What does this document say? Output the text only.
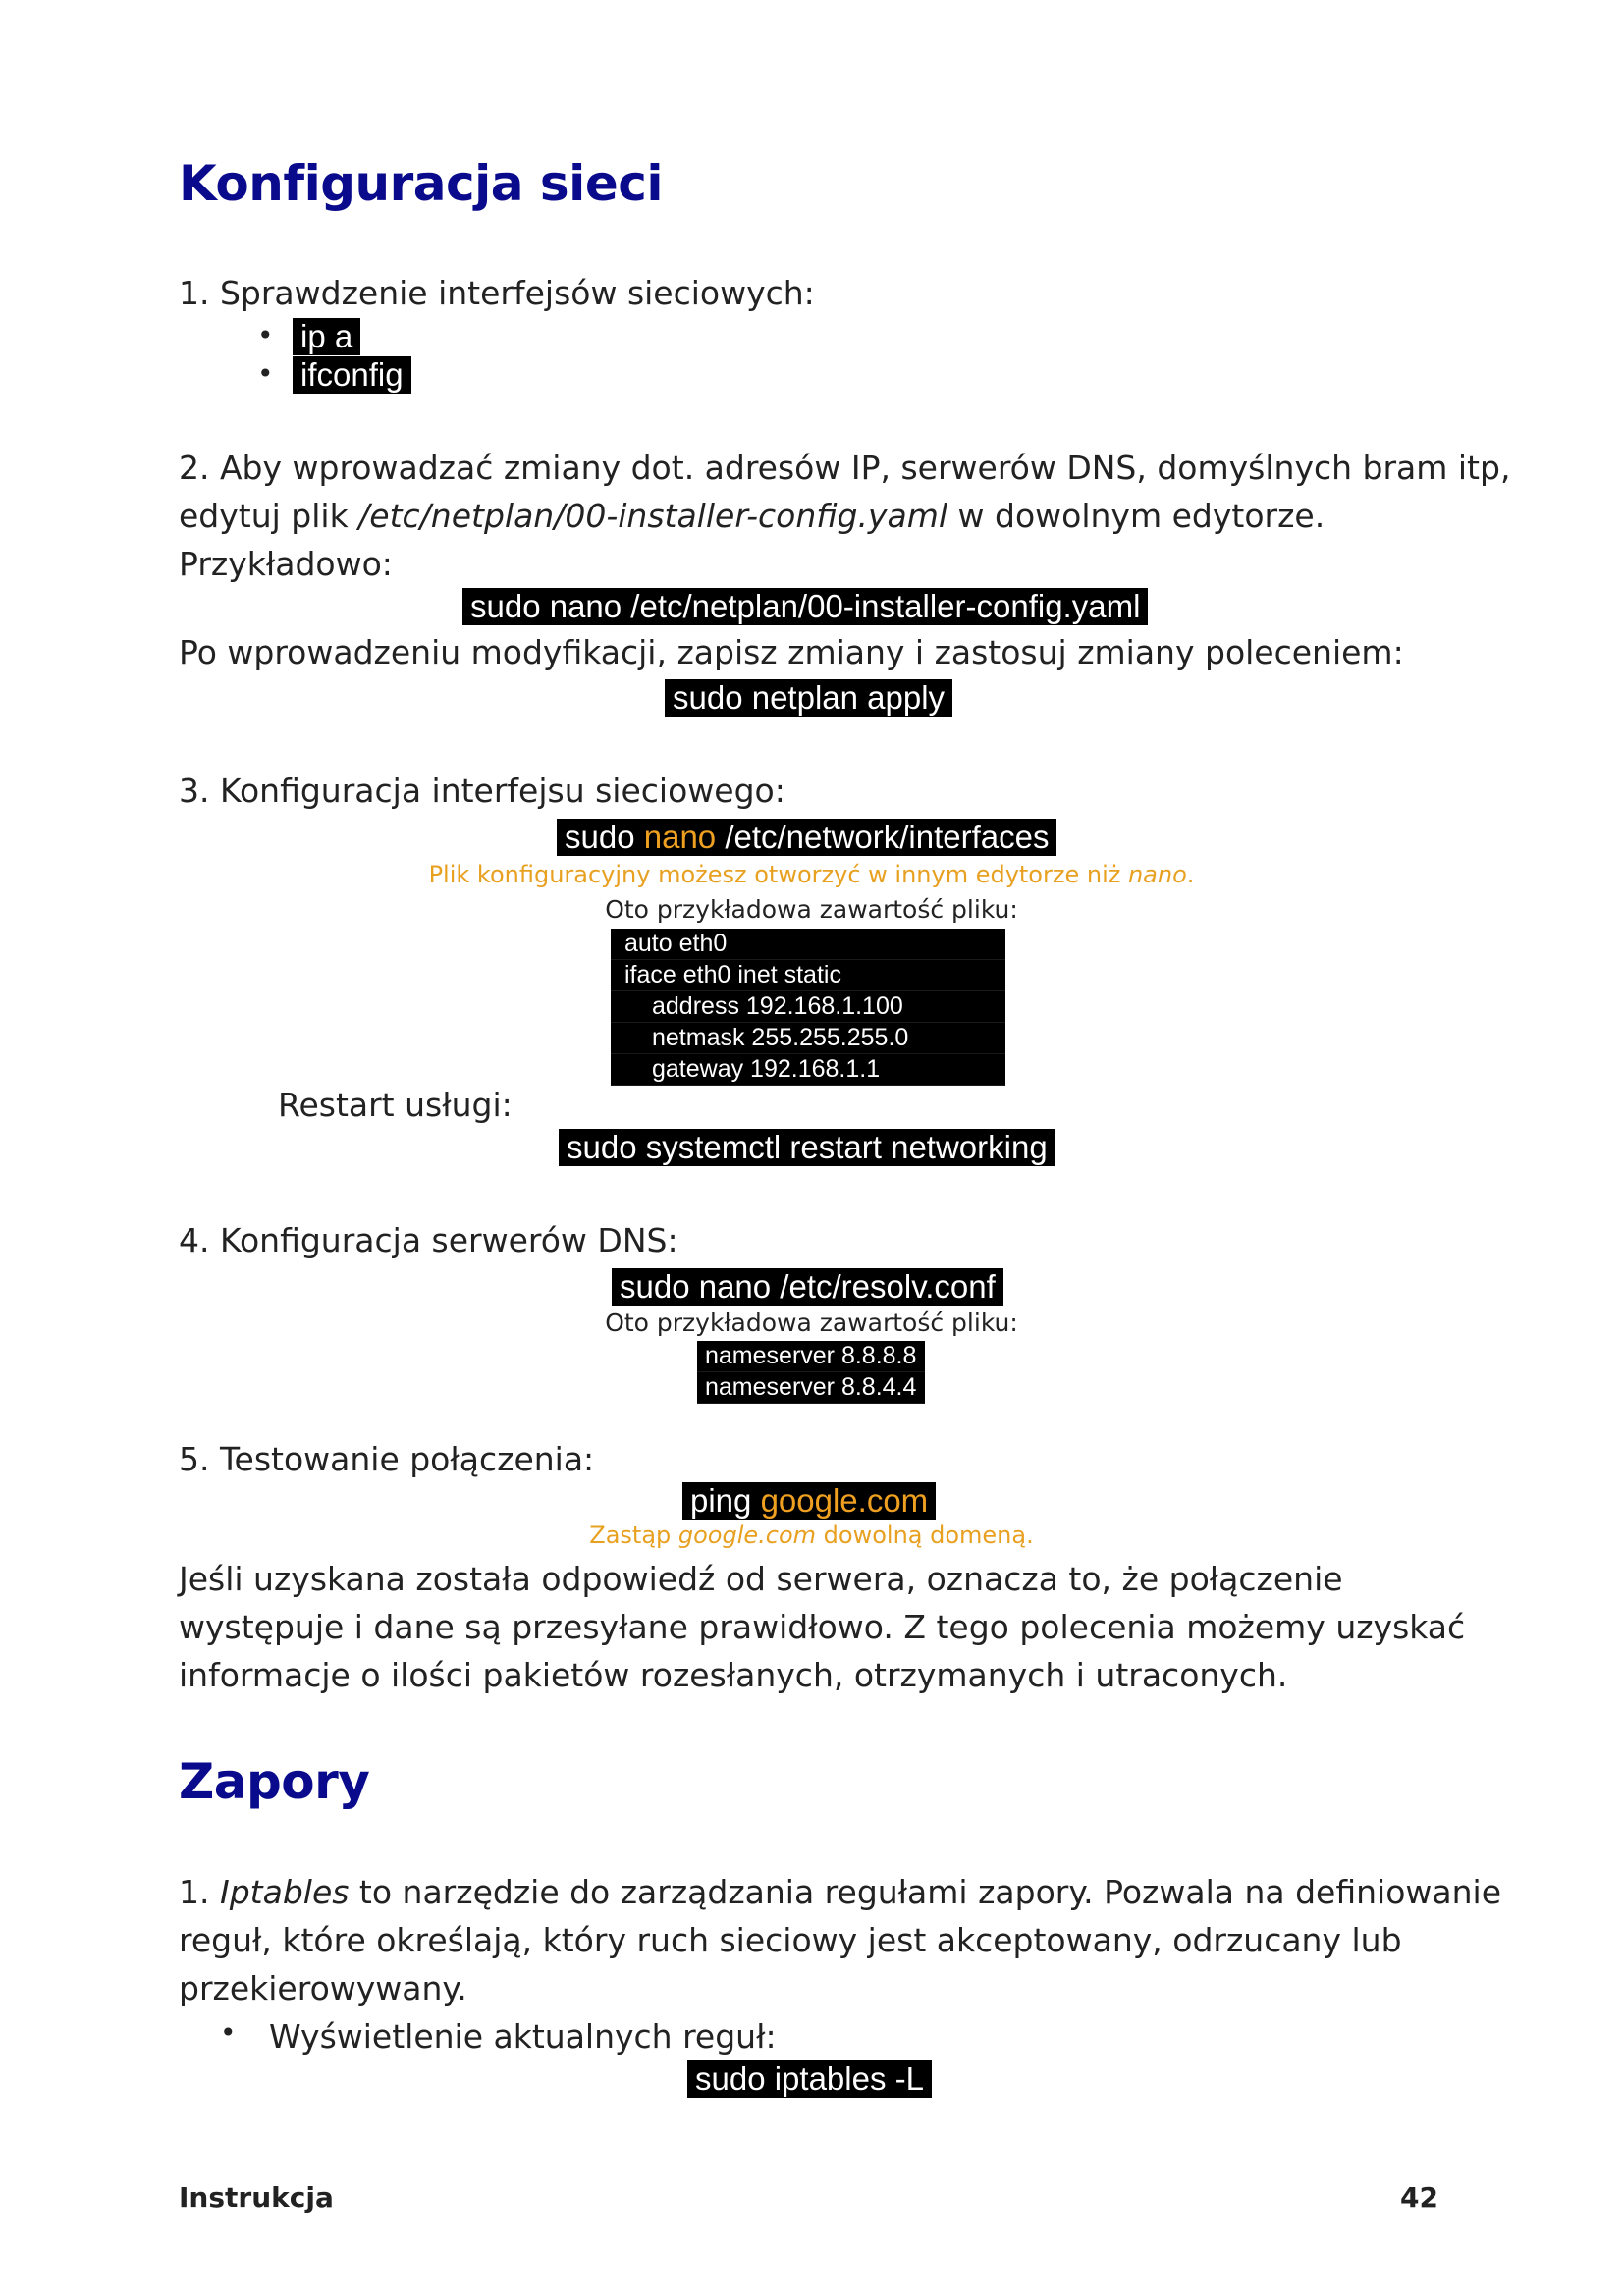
Konfiguracja sieci

1. Sprawdzenie interfejsów sieciowych:

• ip a
• ifconfig

2. Aby wprowadzać zmiany dot. adresów IP, serwerów DNS, domyślnych bram itp,

edytuj plik /etc/netplan/00-installer-config.yaml w dowolnym edytorze.

Przykładowo:

sudo nano /etc/netplan/00-installer-config.yaml

Po wprowadzeniu modyfikacji, zapisz zmiany i zastosuj zmiany poleceniem:

sudo netplan apply

3. Konfiguracja interfejsu sieciowego:

sudo nano /etc/network/interfaces
Plik konfiguracyjny możesz otworzyć w innym edytorze niż nano.
Oto przykładowa zawartość pliku:
auto eth0
iface eth0 inet static
address 192.168.1.100
netmask 255.255.255.0
gateway 192.168.1.1

Restart usługi:

sudo systemctl restart networking

4. Konfiguracja serwerów DNS:

sudo nano /etc/resolv.conf
Oto przykładowa zawartość pliku:
nameserver 8.8.8.8
nameserver 8.8.4.4

5. Testowanie połączenia:

ping google.com
Zastąp google.com dowolną domeną.

Jeśli uzyskana została odpowiedź od serwera, oznacza to, że połączenie

występuje i dane są przesyłane prawidłowo. Z tego polecenia możemy uzyskać

informacje o ilości pakietów rozesłanych, otrzymanych i utraconych.

Zapory

1. Iptables to narzędzie do zarządzania regułami zapory. Pozwala na definiowanie

reguł, które określają, który ruch sieciowy jest akceptowany, odrzucany lub

przekierowywany.

• Wyświetlenie aktualnych reguł:

sudo iptables -L
Instrukcja	42
